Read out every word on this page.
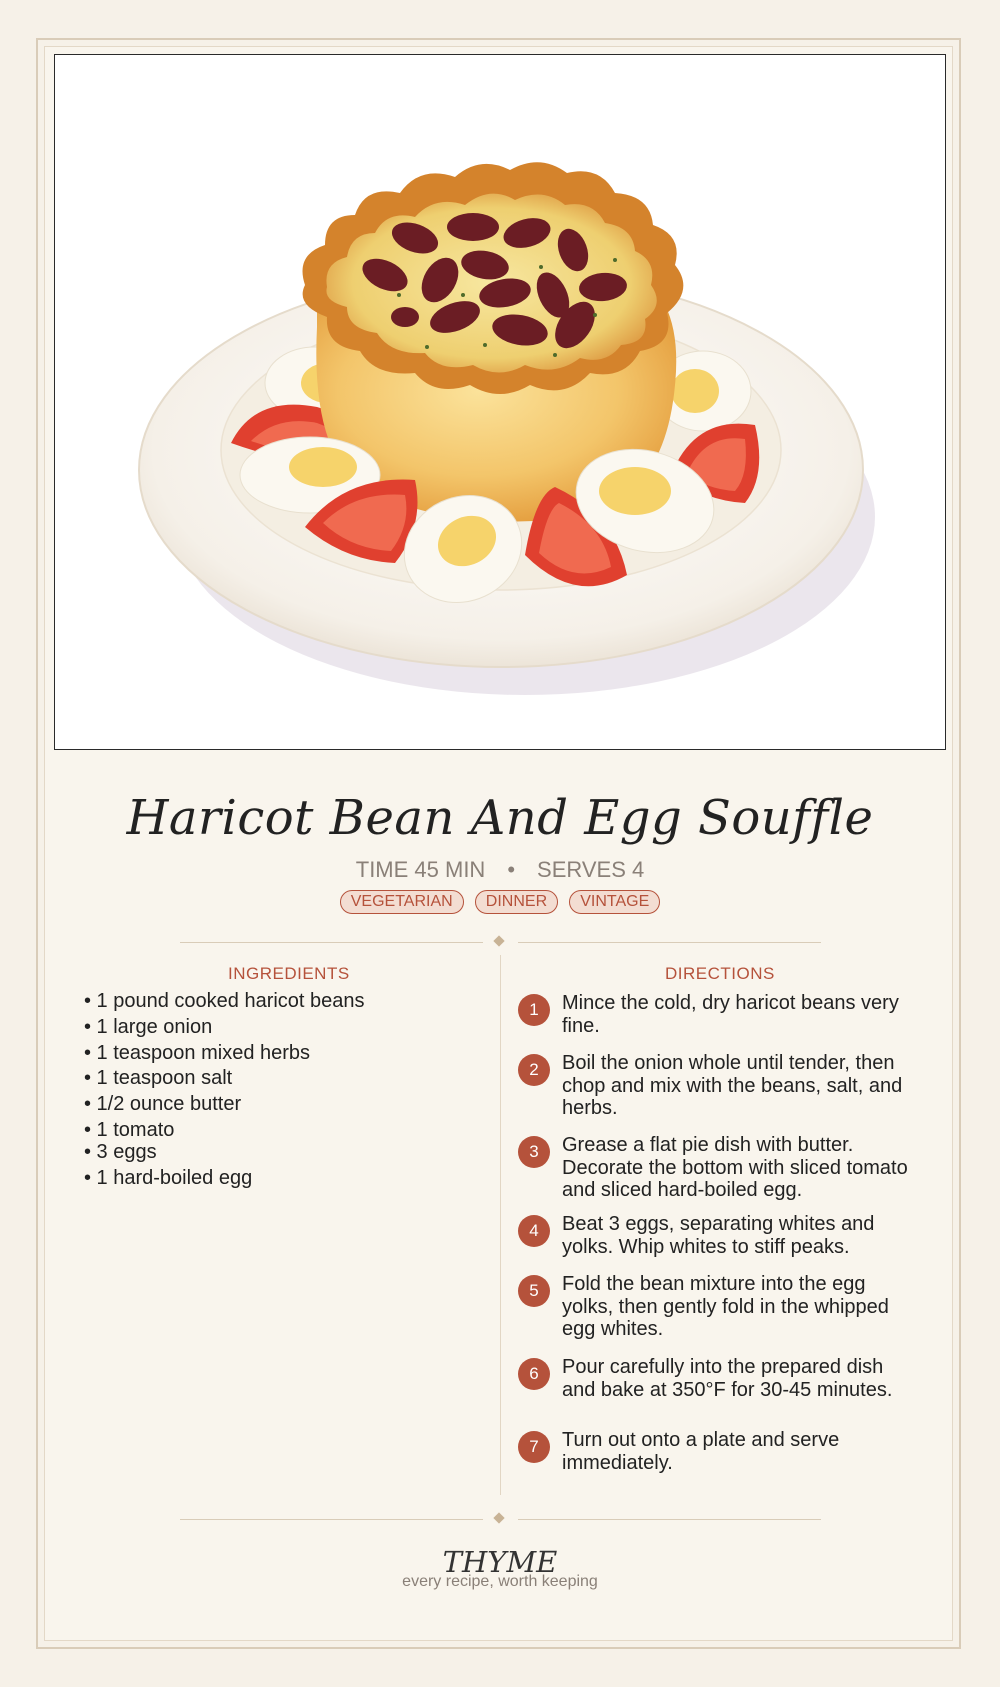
Haricot Bean And Egg Souffle
TIME 45 MIN • SERVES 4
VEGETARIAN DINNER VINTAGE
INGREDIENTS
• 1 pound cooked haricot beans
• 1 large onion
• 1 teaspoon mixed herbs
• 1 teaspoon salt
• 1/2 ounce butter
• 1 tomato
• 3 eggs
• 1 hard-boiled egg
DIRECTIONS
1	Mince the cold, dry haricot beans very fine.
2	Boil the onion whole until tender, then chop and mix with the beans, salt, and herbs.
3	Grease a flat pie dish with butter. Decorate the bottom with sliced tomato and sliced hard-boiled egg.
4	Beat 3 eggs, separating whites and yolks. Whip whites to stiff peaks.
5	Fold the bean mixture into the egg yolks, then gently fold in the whipped egg whites.
6	Pour carefully into the prepared dish and bake at 350°F for 30-45 minutes.
7	Turn out onto a plate and serve immediately.
THYME
every recipe, worth keeping
